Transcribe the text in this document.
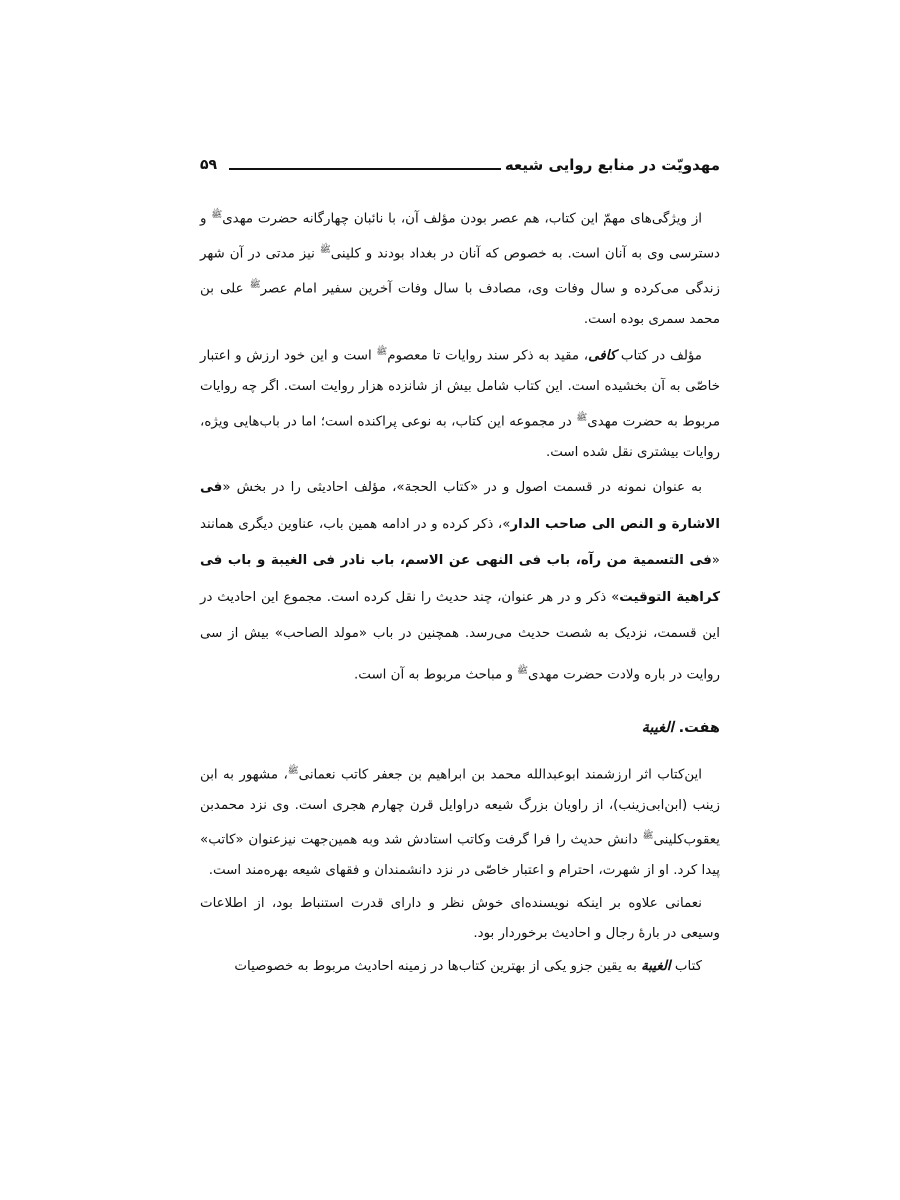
مهدویّت در منابع روایی شیعه
۵۹

از ویژگی‌های مهمّ این کتاب، هم عصر بودن مؤلف آن، با نائبان چهارگانه حضرت مهدی$^ﷺ$ و دسترسی وی به آنان است. به خصوص که آنان در بغداد بودند و کلینی$^ﷺ$ نیز مدتی در آن شهر زندگی می‌کرده و سال وفات وی، مصادف با سال وفات آخرین سفیر امام عصر$^ﷺ$ علی بن محمد سمری بوده است.

مؤلف در کتاب کافی، مقید به ذکر سند روایات تا معصوم$^ﷺ$ است و این خود ارزش و اعتبار خاصّی به آن بخشیده است. این کتاب شامل بیش از شانزده هزار روایت است. اگر چه روایات مربوط به حضرت مهدی$^ﷺ$ در مجموعه این کتاب، به نوعی پراکنده است؛ اما در باب‌هایی ویژه، روایات بیشتری نقل شده است.

به عنوان نمونه در قسمت اصول و در «کتاب الحجة»، مؤلف احادیثی را در بخش «فی الاشارة و النص الی صاحب الدار»، ذکر کرده و در ادامه همین باب، عناوین دیگری همانند «فی التسمیة من رآه، باب فی النهی عن الاسم، باب نادر فی الغیبة و باب فی کراهیة التوقیت» ذکر و در هر عنوان، چند حدیث را نقل کرده است. مجموع این احادیث در این قسمت، نزدیک به شصت حدیث می‌رسد. همچنین در باب «مولد الصاحب» بیش از سی روایت در باره ولادت حضرت مهدی$^ﷺ$ و مباحث مربوط به آن است.

هفت. الغیبة

این‌کتاب اثر ارزشمند ابوعبدالله محمد بن ابراهیم بن جعفر کاتب نعمانی$^ﷺ$، مشهور به ابن زینب (ابن‌ابی‌زینب)، از راویان بزرگ شیعه دراوایل قرن چهارم هجری است. وی نزد محمدبن یعقوب‌کلینی$^ﷺ$ دانش حدیث را فرا گرفت وکاتب استادش شد وبه همین‌جهت نیزعنوان «کاتب» پیدا کرد. او از شهرت، احترام و اعتبار خاصّی در نزد دانشمندان و فقهای شیعه بهره‌مند است.

نعمانی علاوه بر اینکه نویسنده‌ای خوش نظر و دارای قدرت استنباط بود، از اطلاعات وسیعی در بارهٔ رجال و احادیث برخوردار بود.

کتاب الغیبة به یقین جزو یکی از بهترین کتاب‌ها در زمینه احادیث مربوط به خصوصیات
